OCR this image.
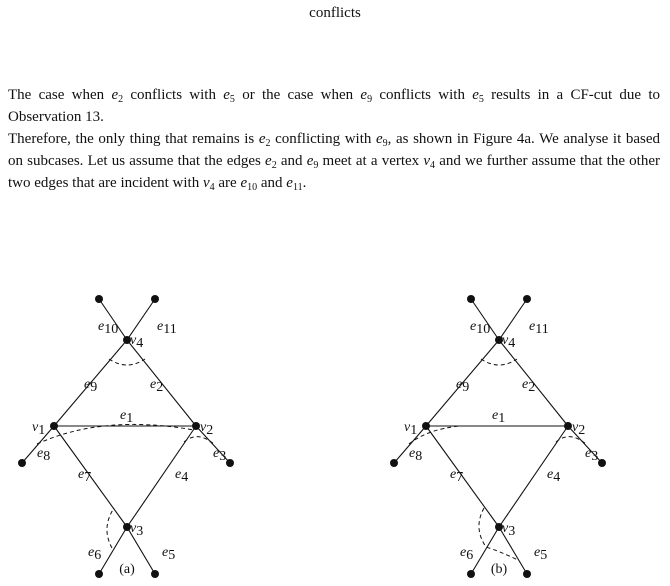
conflicts
The case when $e_2$ conflicts with $e_5$ or the case when $e_9$ conflicts with $e_5$ results in a CF-cut due to Observation 13.
Therefore, the only thing that remains is $e_2$ conflicting with $e_9$, as shown in Figure 4a. We analyse it based on subcases. Let us assume that the edges $e_2$ and $e_9$ meet at a vertex $v_4$ and we further assume that the other two edges that are incident with $v_4$ are $e_{10}$ and $e_{11}$.
v1	v2
v3
v4
e1
e2
e3
e4
e5
e6
e7
e8
e9
e10	e11
(a)
v1	v2
v3
v4
e1
e2
e3
e4
e5
e6
e7
e8
e9
e10	e11
(b)
